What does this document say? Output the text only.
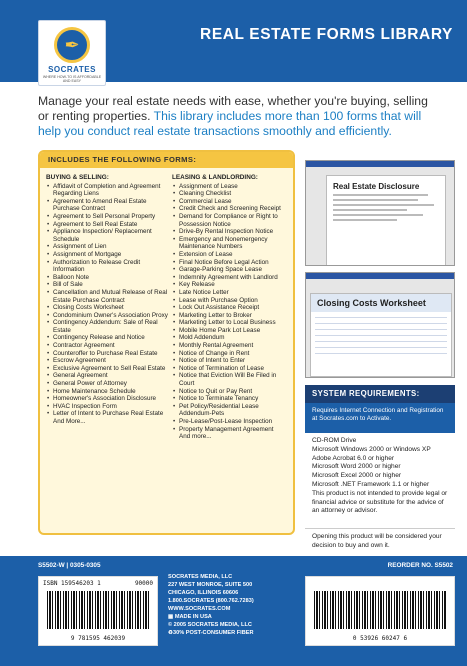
✒
SOCRATES
WHERE HOW-TO IS AFFORDABLE AND EASY
REAL ESTATE FORMS LIBRARY
Manage your real estate needs with ease, whether you're buying, selling or renting properties. This library includes more than 100 forms that will help you conduct real estate transactions smoothly and efficiently.
INCLUDES THE FOLLOWING FORMS:
BUYING & SELLING:
• Affidavit of Completion and Agreement Regarding Liens
• Agreement to Amend Real Estate Purchase Contract
• Agreement to Sell Personal Property
• Agreement to Sell Real Estate
• Appliance Inspection/ Replacement Schedule
• Assignment of Lien
• Assignment of Mortgage
• Authorization to Release Credit Information
• Balloon Note
• Bill of Sale
• Cancellation and Mutual Release of Real Estate Purchase Contract
• Closing Costs Worksheet
• Condominium Owner's Association Proxy
• Contingency Addendum: Sale of Real Estate
• Contingency Release and Notice
• Contractor Agreement
• Counteroffer to Purchase Real Estate
• Escrow Agreement
• Exclusive Agreement to Sell Real Estate
• General Agreement
• General Power of Attorney
• Home Maintenance Schedule
• Homeowner's Association Disclosure
• HVAC Inspection Form
• Letter of Intent to Purchase Real Estate
And More...
LEASING & LANDLORDING:
• Assignment of Lease
• Cleaning Checklist
• Commercial Lease
• Credit Check and Screening Receipt
• Demand for Compliance or Right to Possession Notice
• Drive-By Rental Inspection Notice
• Emergency and Nonemergency Maintenance Numbers
• Extension of Lease
• Final Notice Before Legal Action
• Garage-Parking Space Lease
• Indemnity Agreement with Landlord
• Key Release
• Late Notice Letter
• Lease with Purchase Option
• Lock Out Assistance Receipt
• Marketing Letter to Broker
• Marketing Letter to Local Business
• Mobile Home Park Lot Lease
• Mold Addendum
• Monthly Rental Agreement
• Notice of Change in Rent
• Notice of Intent to Enter
• Notice of Termination of Lease
• Notice that Eviction Will Be Filed in Court
• Notice to Quit or Pay Rent
• Notice to Terminate Tenancy
• Pet Policy/Residential Lease Addendum-Pets
• Pre-Lease/Post-Lease Inspection
• Property Management Agreement
And more...
Real Estate Disclosure
Closing Costs Worksheet
SYSTEM REQUIREMENTS:
Requires Internet Connection and Registration at Socrates.com to Activate.
CD-ROM Drive
Microsoft Windows 2000 or Windows XP
Adobe Acrobat 6.0 or higher
Microsoft Word 2000 or higher
Microsoft Excel 2000 or higher
Microsoft .NET Framework 1.1 or higher
This product is not intended to provide legal or financial advice or substitute for the advice of an attorney or advisor.
Opening this product will be considered your decision to buy and own it.
S5502-W | 0305-0305	REORDER NO. S5502
ISBN 159546203 1	90000
9 781595 462039
SOCRATES MEDIA, LLC
227 WEST MONROE, SUITE 500
CHICAGO, ILLINOIS 60606
1.800.SOCRATES (800.762.7283)
WWW.SOCRATES.COM
▦ MADE IN USA
© 2005 SOCRATES MEDIA, LLC
♻30% POST-CONSUMER FIBER
0 53926 60247 6
